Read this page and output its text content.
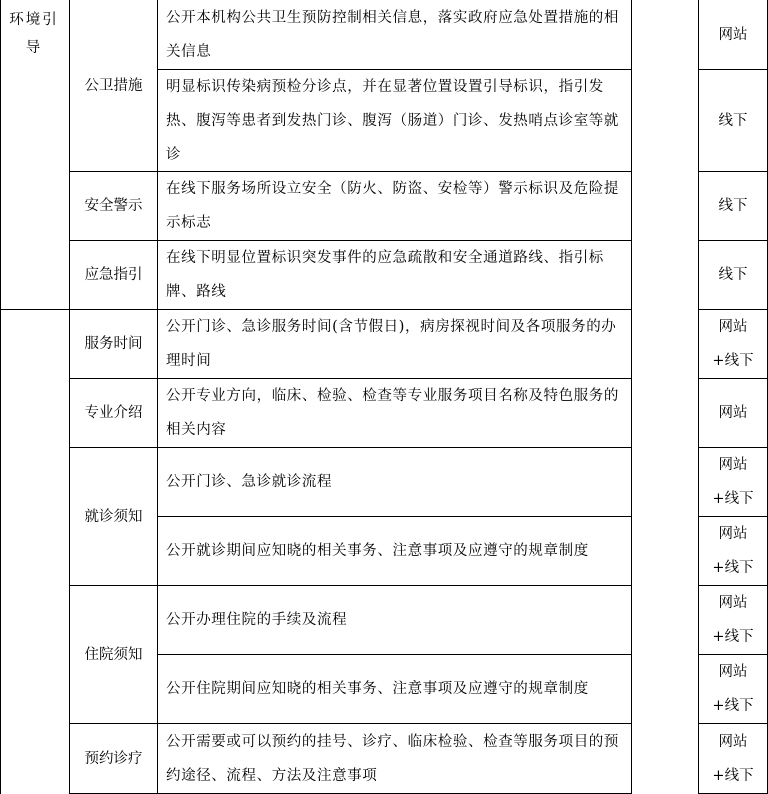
环境引导
公卫措施
安全警示
应急指引
服务时间
专业介绍
就诊须知
住院须知
预约诊疗
公开本机构公共卫生预防控制相关信息，落实政府应急处置措施的相关信息
明显标识传染病预检分诊点，并在显著位置设置引导标识，指引发热、腹泻等患者到发热门诊、腹泻（肠道）门诊、发热哨点诊室等就诊
在线下服务场所设立安全（防火、防盗、安检等）警示标识及危险提示标志
在线下明显位置标识突发事件的应急疏散和安全通道路线、指引标牌、路线
公开门诊、急诊服务时间(含节假日)，病房探视时间及各项服务的办理时间
公开专业方向，临床、检验、检查等专业服务项目名称及特色服务的相关内容
公开门诊、急诊就诊流程
公开就诊期间应知晓的相关事务、注意事项及应遵守的规章制度
公开办理住院的手续及流程
公开住院期间应知晓的相关事务、注意事项及应遵守的规章制度
公开需要或可以预约的挂号、诊疗、临床检验、检查等服务项目的预约途径、流程、方法及注意事项
网站
线下
线下
线下
网站+线下
网站
网站+线下
网站+线下
网站+线下
网站+线下
网站+线下
